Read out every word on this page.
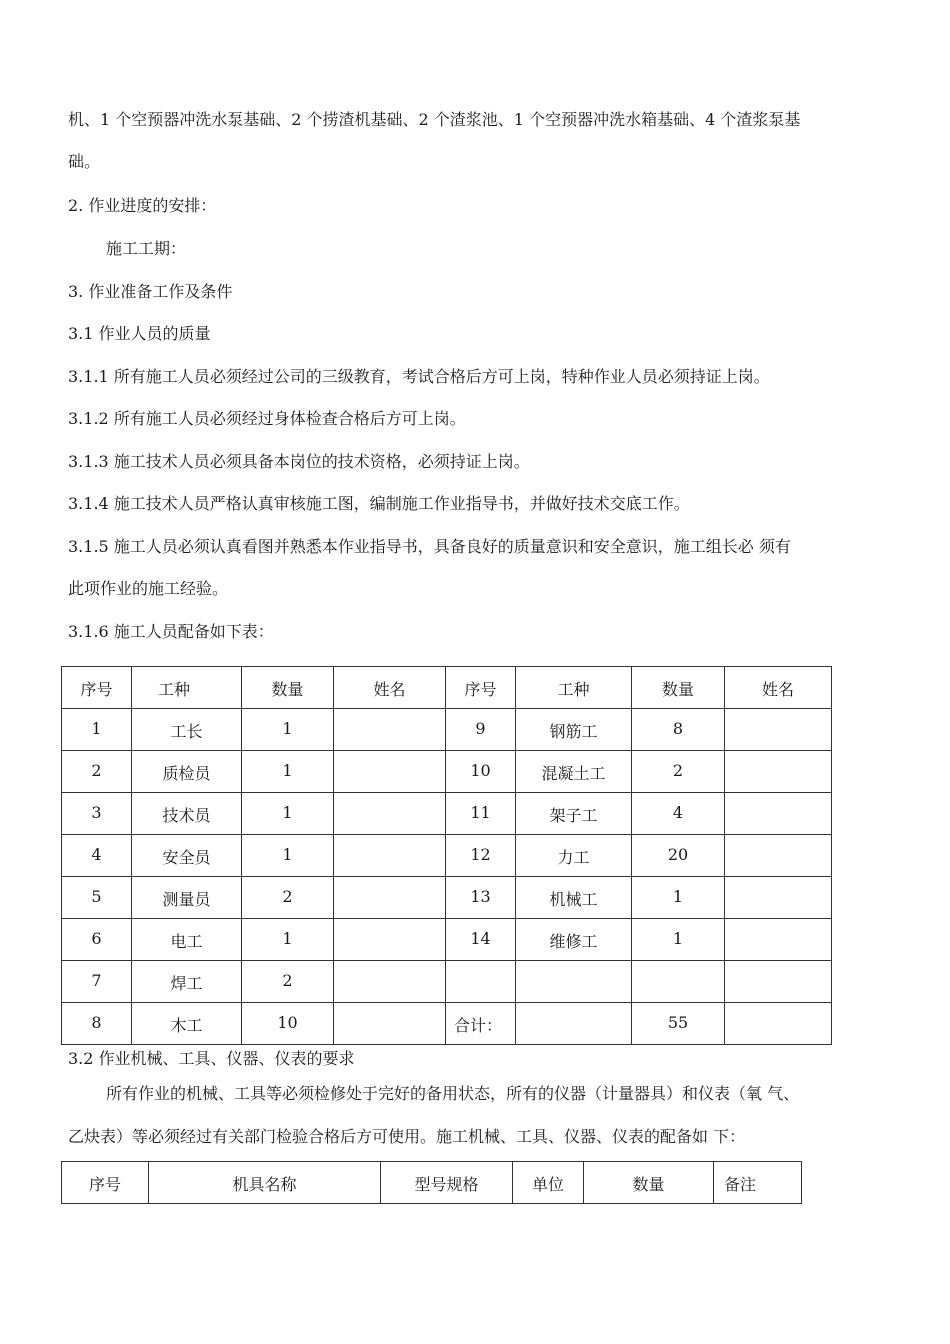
机、1 个空预器冲洗水泵基础、2 个捞渣机基础、2 个渣浆池、1 个空预器冲洗水箱基础、4 个渣浆泵基
础。
2. 作业进度的安排：
施工工期：
3. 作业准备工作及条件
3.1 作业人员的质量
3.1.1 所有施工人员必须经过公司的三级教育，考试合格后方可上岗，特种作业人员必须持证上岗。
3.1.2 所有施工人员必须经过身体检查合格后方可上岗。
3.1.3 施工技术人员必须具备本岗位的技术资格，必须持证上岗。
3.1.4 施工技术人员严格认真审核施工图，编制施工作业指导书，并做好技术交底工作。
3.1.5 施工人员必须认真看图并熟悉本作业指导书，具备良好的质量意识和安全意识，施工组长必 须有
此项作业的施工经验。
3.1.6 施工人员配备如下表：
序号	工种	数量	姓名	序号	工种	数量	姓名
1	工长	1		9	钢筋工	8	
2	质检员	1		10	混凝土工	2	
3	技术员	1		11	架子工	4	
4	安全员	1		12	力工	20	
5	测量员	2		13	机械工	1	
6	电工	1		14	维修工	1	
7	焊工	2					
8	木工	10		合计：		55	
3.2 作业机械、工具、仪器、仪表的要求
所有作业的机械、工具等必须检修处于完好的备用状态，所有的仪器（计量器具）和仪表（氧 气、
乙炔表）等必须经过有关部门检验合格后方可使用。施工机械、工具、仪器、仪表的配备如 下：
序号	机具名称	型号规格	单位	数量	备注
